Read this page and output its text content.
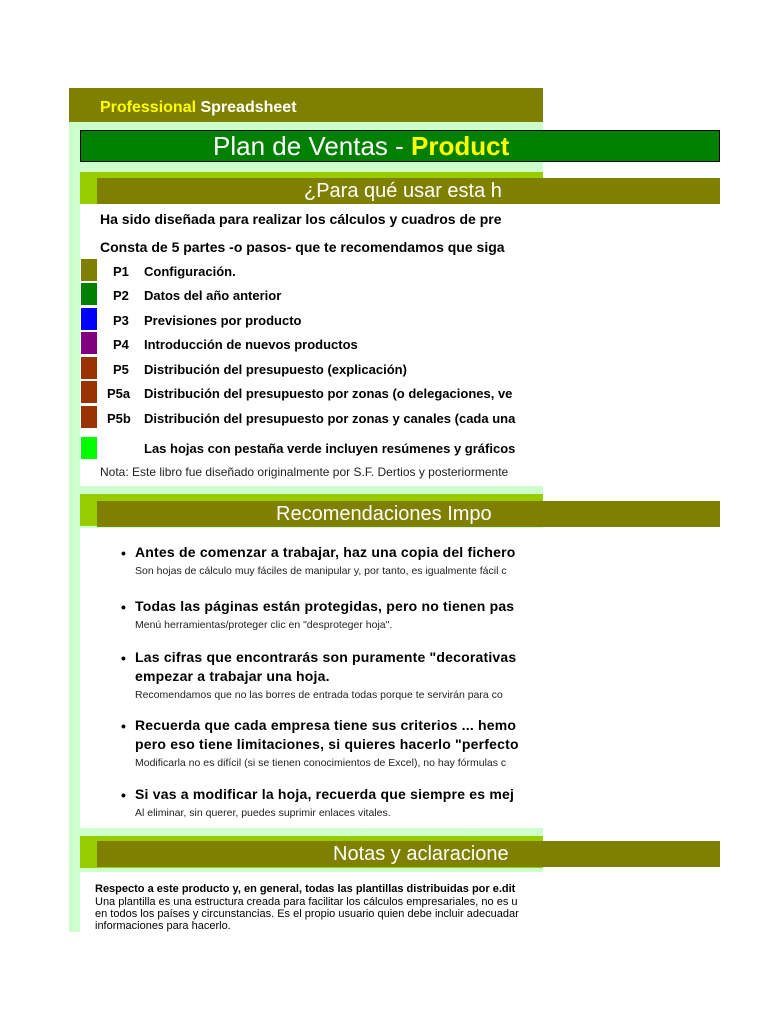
Professional Spreadsheet
Plan de Ventas - Product
¿Para qué usar esta h
Ha sido diseñada para realizar los cálculos y cuadros de pre
Consta de 5 partes -o pasos- que te recomendamos que siga
P1 Configuración.
P2 Datos del año anterior
P3 Previsiones por producto
P4 Introducción de nuevos productos
P5 Distribución del presupuesto (explicación)
P5a Distribución del presupuesto por zonas (o delegaciones, ve
P5b Distribución del presupuesto por zonas y canales (cada una
Las hojas con pestaña verde incluyen resúmenes y gráficos
Nota: Este libro fue diseñado originalmente por S.F. Dertios y posteriormente
Recomendaciones Impo
• Antes de comenzar a trabajar, haz una copia del fichero
Son hojas de cálculo muy fáciles de manipular y, por tanto, es igualmente fácil c
• Todas las páginas están protegidas, pero no tienen pas
Menú herramientas/proteger clic en "desproteger hoja".
• Las cifras que encontrarás son puramente "decorativas
empezar a trabajar una hoja.
Recomendamos que no las borres de entrada todas porque te servirán para co
• Recuerda que cada empresa tiene sus criterios ... hemo
pero eso tiene limitaciones, si quieres hacerlo "perfecto
Modificarla no es difícil (si se tienen conocimientos de Excel), no hay fórmulas c
• Si vas a modificar la hoja, recuerda que siempre es mej
Al eliminar, sin querer, puedes suprimir enlaces vitales.
Notas y aclaracione
Respecto a este producto y, en general, todas las plantillas distribuidas por e.dit
Una plantilla es una estructura creada para facilitar los cálculos empresariales, no es u
en todos los países y circunstancias. Es el propio usuario quien debe incluir adecuadar
informaciones para hacerlo.
